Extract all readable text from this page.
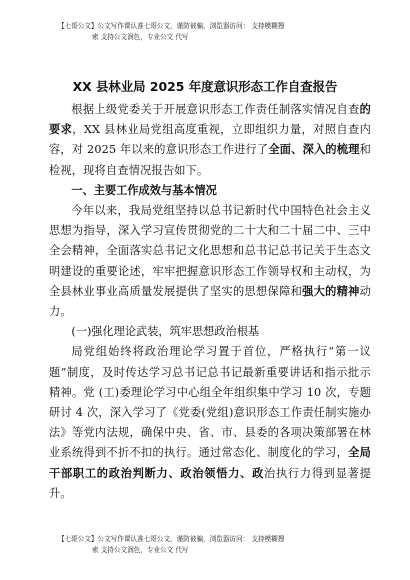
【七哥公文】公文写作课认准七哥公文，谨防被骗，浏览器访问： 支持模糊搜
索 支持公文润色，专业公文 代写
XX 县林业局 2025 年度意识形态工作自查报告

根据上级党委关于开展意识形态工作责任制落实情况自查的要求，XX 县林业局党组高度重视，立即组织力量，对照自查内容，对 2025 年以来的意识形态工作进行了全面、深入的梳理和检视，现将自查情况报告如下。

一、主要工作成效与基本情况

今年以来，我局党组坚持以总书记新时代中国特色社会主义思想为指导，深入学习宣传贯彻党的二十大和二十届二中、三中全会精神，全面落实总书记文化思想和总书记总书记关于生态文明建设的重要论述，牢牢把握意识形态工作领导权和主动权，为全县林业事业高质量发展提供了坚实的思想保障和强大的精神动力。

(一)强化理论武装，筑牢思想政治根基

局党组始终将政治理论学习置于首位，严格执行“第一议题”制度，及时传达学习总书记总书记最新重要讲话和指示批示精神。党 (工)委理论学习中心组全年组织集中学习 10 次，专题研讨 4 次，深入学习了《党委(党组)意识形态工作责任制实施办法》等党内法规，确保中央、省、市、县委的各项决策部署在林业系统得到不折不扣的执行。通过常态化、制度化的学习，全局干部职工的政治判断力、政治领悟力、政治执行力得到显著提升。

【七哥公文】公文写作课认准七哥公文，谨防被骗，浏览器访问： 支持模糊搜
索 支持公文润色，专业公文 代写
